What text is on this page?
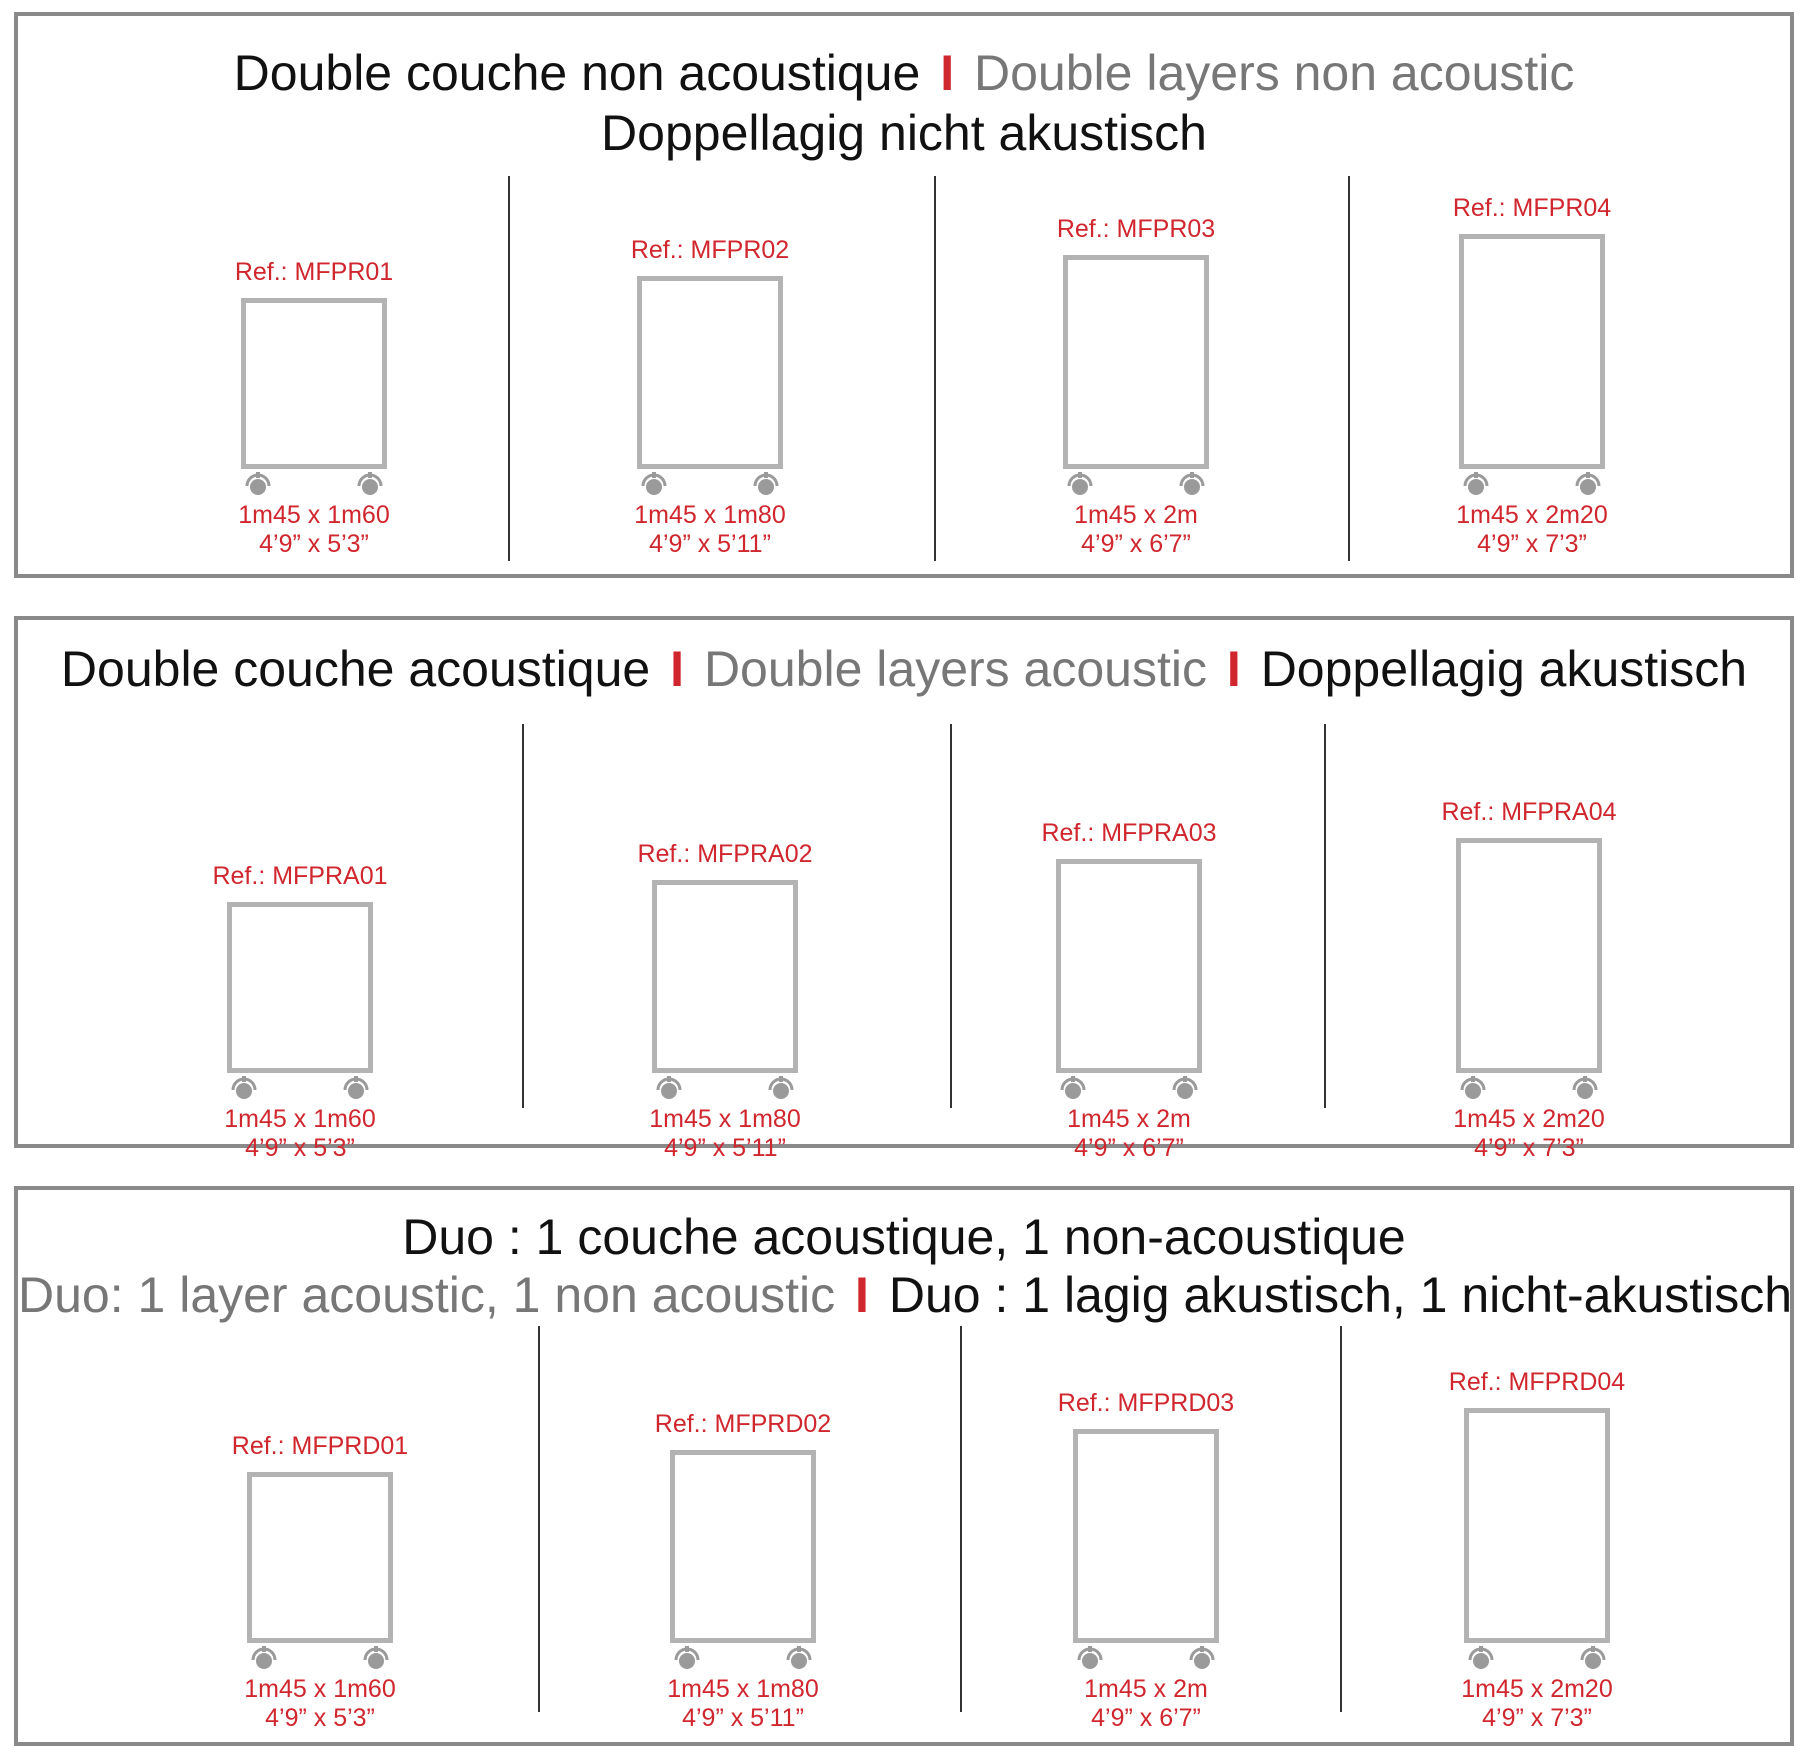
Double couche non acoustique I Double layers non acoustic
Doppellagig nicht akustisch
Ref.: MFPR01
1m45 x 1m60
4’9” x 5’3”
Ref.: MFPR02
1m45 x 1m80
4’9” x 5’11”
Ref.: MFPR03
1m45 x 2m
4’9” x 6’7”
Ref.: MFPR04
1m45 x 2m20
4’9” x 7’3”
Double couche acoustique I Double layers acoustic I Doppellagig akustisch
Ref.: MFPRA01
1m45 x 1m60
4’9” x 5’3”
Ref.: MFPRA02
1m45 x 1m80
4’9” x 5’11”
Ref.: MFPRA03
1m45 x 2m
4’9” x 6’7”
Ref.: MFPRA04
1m45 x 2m20
4’9” x 7’3”
Duo : 1 couche acoustique, 1 non-acoustique
Duo: 1 layer acoustic, 1 non acoustic I Duo : 1 lagig akustisch, 1 nicht-akustisch
Ref.: MFPRD01
1m45 x 1m60
4’9” x 5’3”
Ref.: MFPRD02
1m45 x 1m80
4’9” x 5’11”
Ref.: MFPRD03
1m45 x 2m
4’9” x 6’7”
Ref.: MFPRD04
1m45 x 2m20
4’9” x 7’3”
